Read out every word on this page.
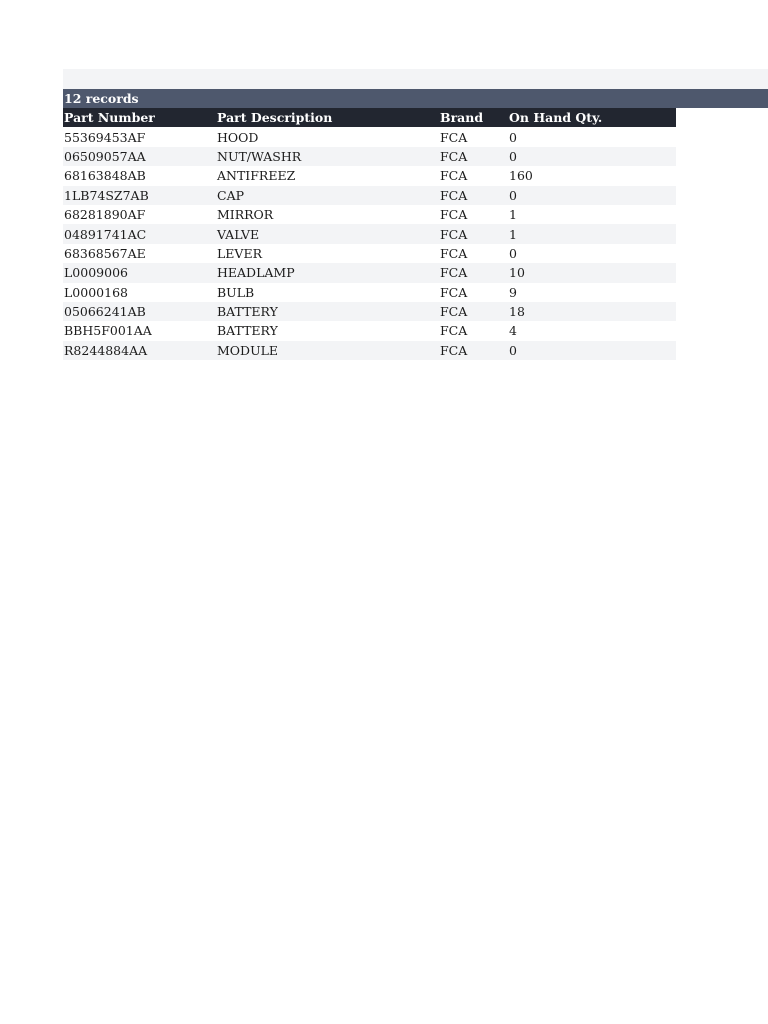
12 records
Part Number	Part Description	Brand	On Hand Qty.
55369453AF	HOOD	FCA	0
06509057AA	NUT/WASHR	FCA	0
68163848AB	ANTIFREEZ	FCA	160
1LB74SZ7AB	CAP	FCA	0
68281890AF	MIRROR	FCA	1
04891741AC	VALVE	FCA	1
68368567AE	LEVER	FCA	0
L0009006	HEADLAMP	FCA	10
L0000168	BULB	FCA	9
05066241AB	BATTERY	FCA	18
BBH5F001AA	BATTERY	FCA	4
R8244884AA	MODULE	FCA	0
